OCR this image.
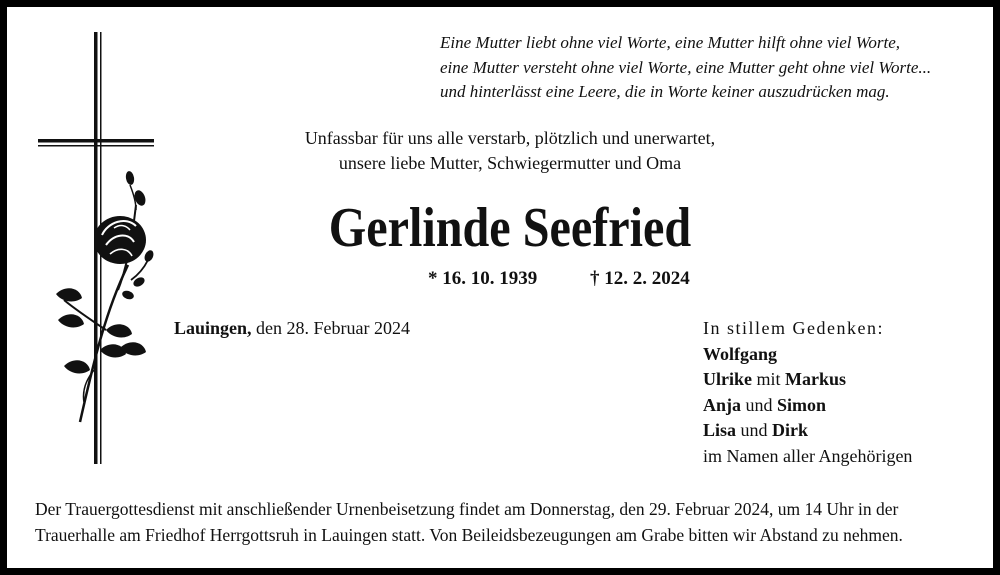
Eine Mutter liebt ohne viel Worte, eine Mutter hilft ohne viel Worte,
eine Mutter versteht ohne viel Worte, eine Mutter geht ohne viel Worte...
und hinterlässt eine Leere, die in Worte keiner auszudrücken mag.
Unfassbar für uns alle verstarb, plötzlich und unerwartet,
unsere liebe Mutter, Schwiegermutter und Oma
Gerlinde Seefried
* 16. 10. 1939	† 12. 2. 2024
Lauingen, den 28. Februar 2024	In stillem Gedenken:
Wolfgang
Ulrike mit Markus
Anja und Simon
Lisa und Dirk
im Namen aller Angehörigen
Der Trauergottesdienst mit anschließender Urnenbeisetzung findet am Donnerstag, den 29. Februar 2024, um 14 Uhr in der
Trauerhalle am Friedhof Herrgottsruh in Lauingen statt. Von Beileidsbezeugungen am Grabe bitten wir Abstand zu nehmen.
